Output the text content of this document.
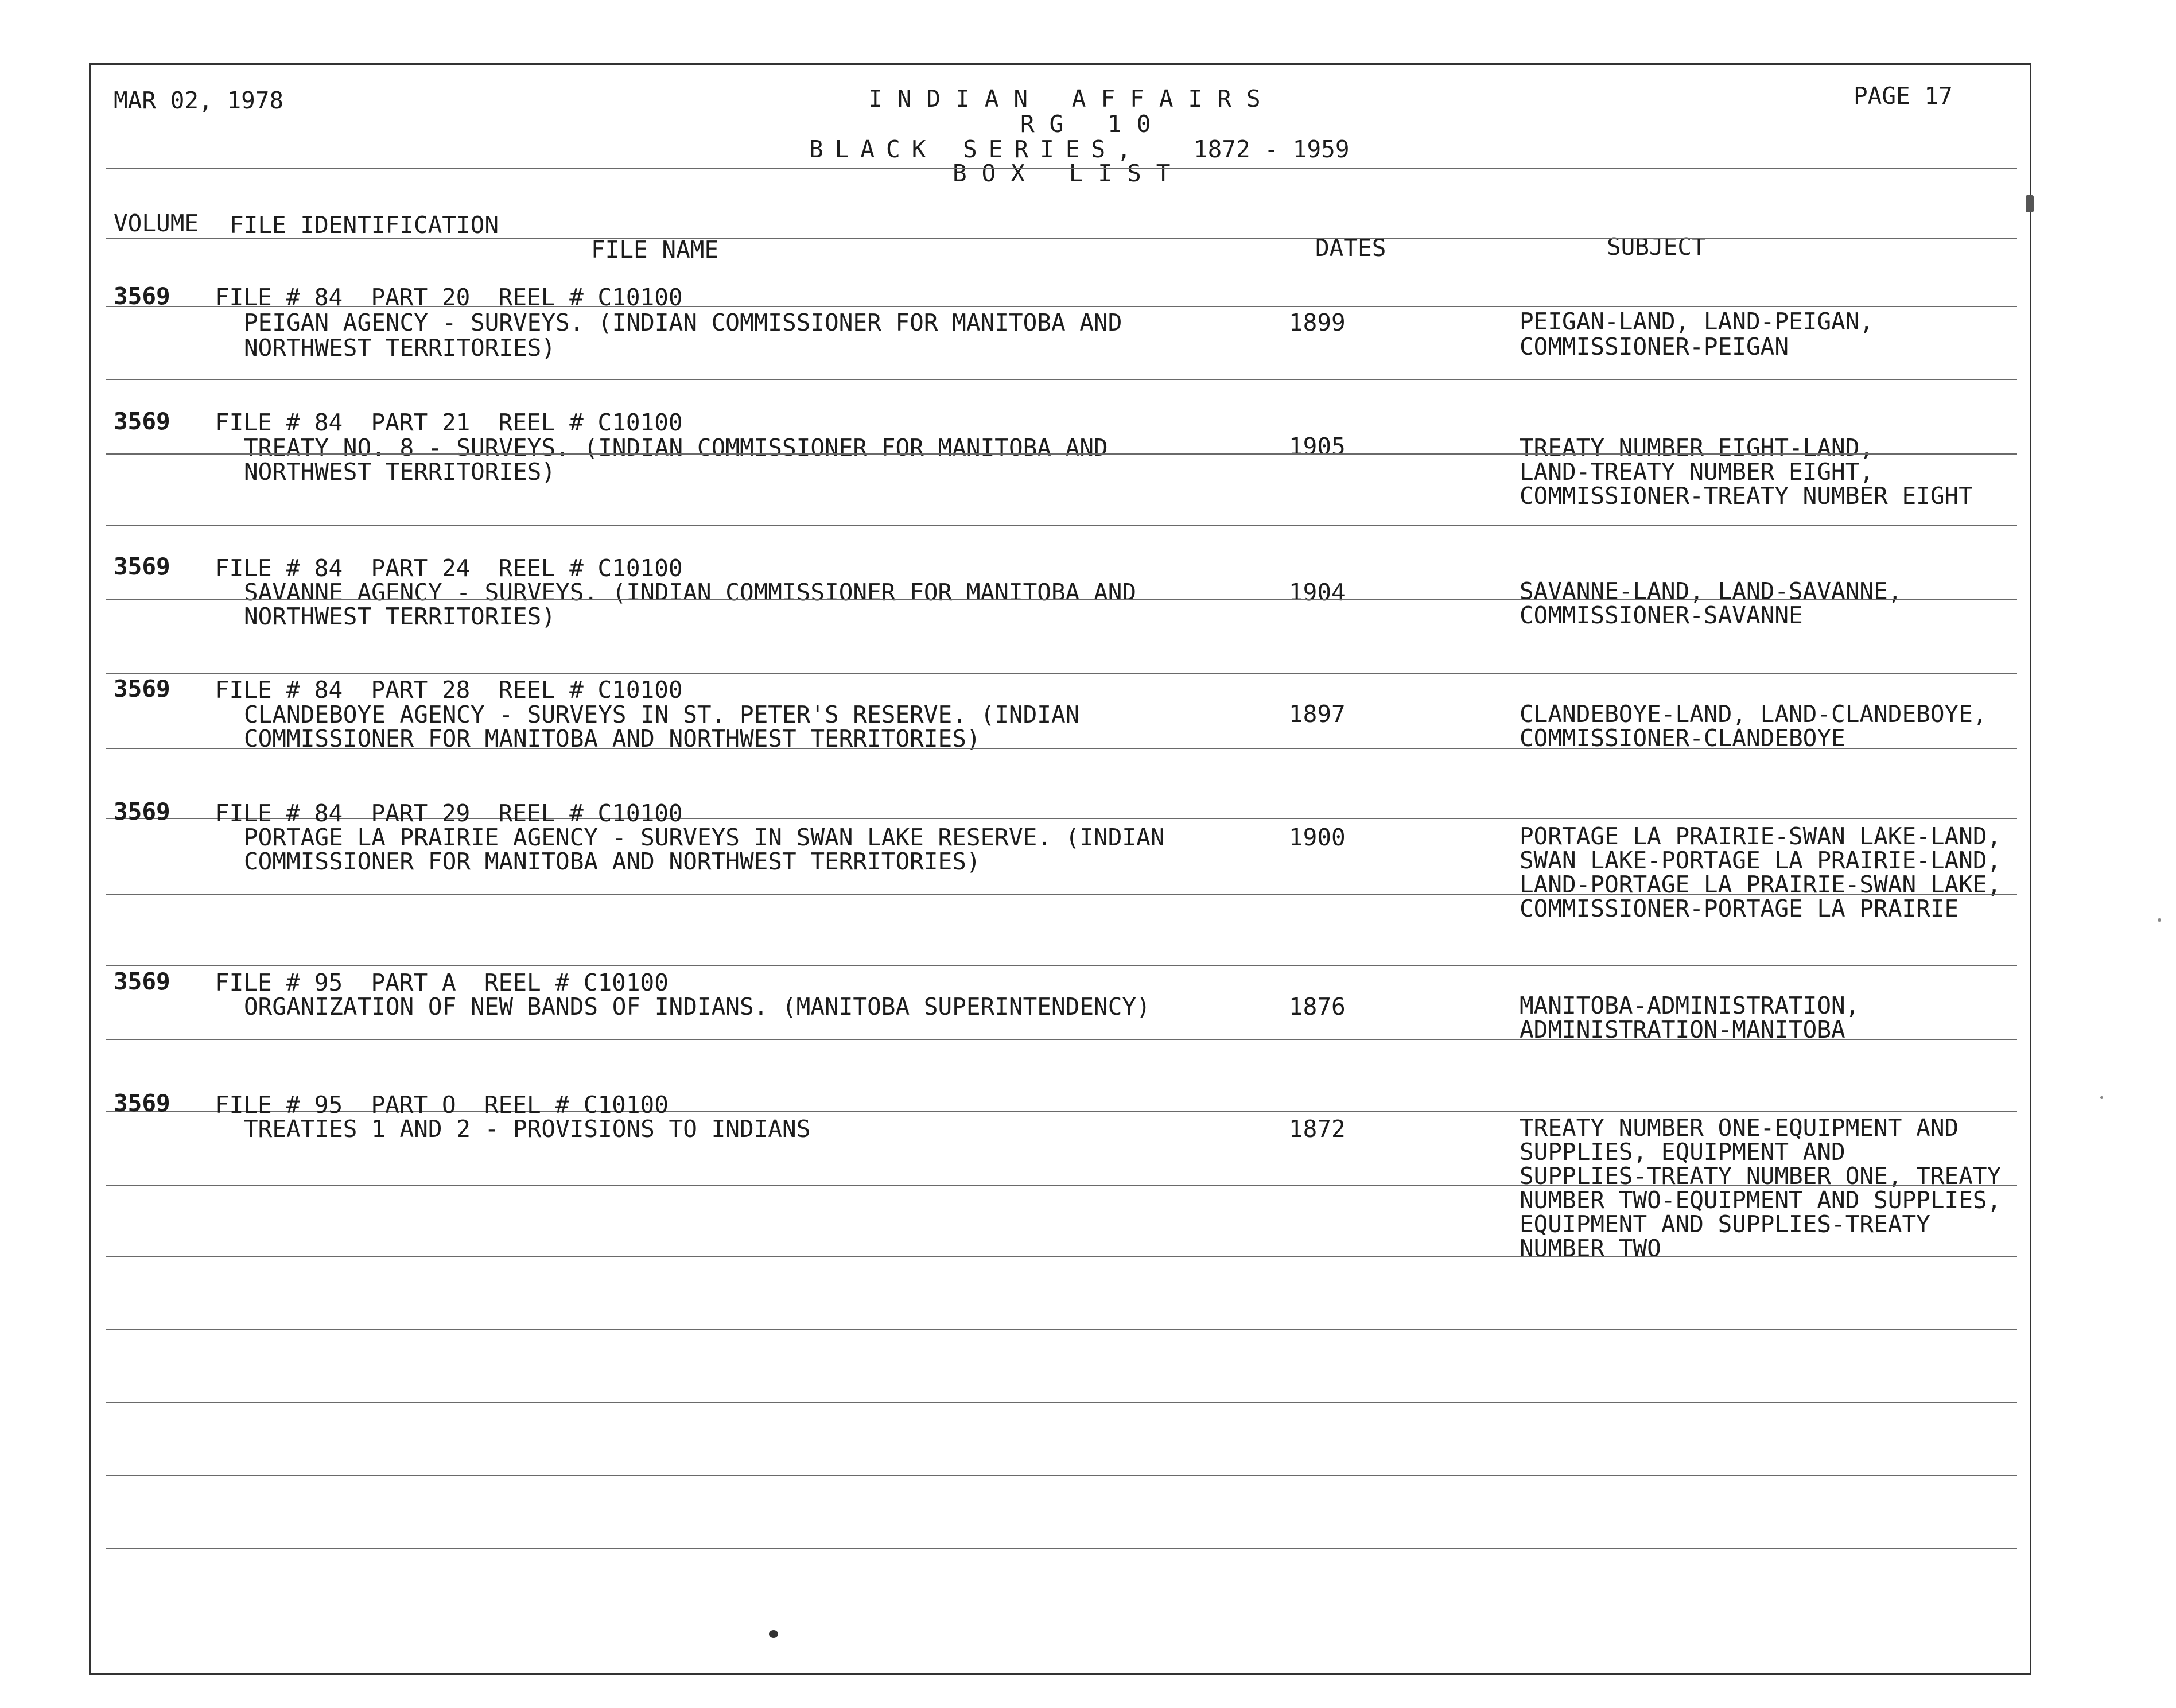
MAR 02, 1978	PAGE 17
INDIAN AFFAIRS
RG 10
BLACK SERIES, 1872 - 1959
BOX LIST
VOLUME FILE IDENTIFICATION
FILE NAME	DATES	SUBJECT
3569 FILE # 84  PART 20  REEL # C10100
PEIGAN AGENCY - SURVEYS. (INDIAN COMMISSIONER FOR MANITOBA AND
NORTHWEST TERRITORIES)
1899	PEIGAN-LAND, LAND-PEIGAN,
COMMISSIONER-PEIGAN
3569 FILE # 84  PART 21  REEL # C10100
TREATY NO. 8 - SURVEYS. (INDIAN COMMISSIONER FOR MANITOBA AND
NORTHWEST TERRITORIES)
1905	TREATY NUMBER EIGHT-LAND,
LAND-TREATY NUMBER EIGHT,
COMMISSIONER-TREATY NUMBER EIGHT
3569 FILE # 84  PART 24  REEL # C10100
SAVANNE AGENCY - SURVEYS. (INDIAN COMMISSIONER FOR MANITOBA AND
NORTHWEST TERRITORIES)
1904	SAVANNE-LAND, LAND-SAVANNE,
COMMISSIONER-SAVANNE
3569 FILE # 84  PART 28  REEL # C10100
CLANDEBOYE AGENCY - SURVEYS IN ST. PETER'S RESERVE. (INDIAN
COMMISSIONER FOR MANITOBA AND NORTHWEST TERRITORIES)
1897	CLANDEBOYE-LAND, LAND-CLANDEBOYE,
COMMISSIONER-CLANDEBOYE
3569 FILE # 84  PART 29  REEL # C10100
PORTAGE LA PRAIRIE AGENCY - SURVEYS IN SWAN LAKE RESERVE. (INDIAN
COMMISSIONER FOR MANITOBA AND NORTHWEST TERRITORIES)
1900	PORTAGE LA PRAIRIE-SWAN LAKE-LAND,
SWAN LAKE-PORTAGE LA PRAIRIE-LAND,
LAND-PORTAGE LA PRAIRIE-SWAN LAKE,
COMMISSIONER-PORTAGE LA PRAIRIE
3569 FILE # 95  PART A  REEL # C10100
ORGANIZATION OF NEW BANDS OF INDIANS. (MANITOBA SUPERINTENDENCY)	1876	MANITOBA-ADMINISTRATION,
ADMINISTRATION-MANITOBA
3569 FILE # 95  PART O  REEL # C10100
TREATIES 1 AND 2 - PROVISIONS TO INDIANS	1872	TREATY NUMBER ONE-EQUIPMENT AND
SUPPLIES, EQUIPMENT AND
SUPPLIES-TREATY NUMBER ONE, TREATY
NUMBER TWO-EQUIPMENT AND SUPPLIES,
EQUIPMENT AND SUPPLIES-TREATY
NUMBER TWO
